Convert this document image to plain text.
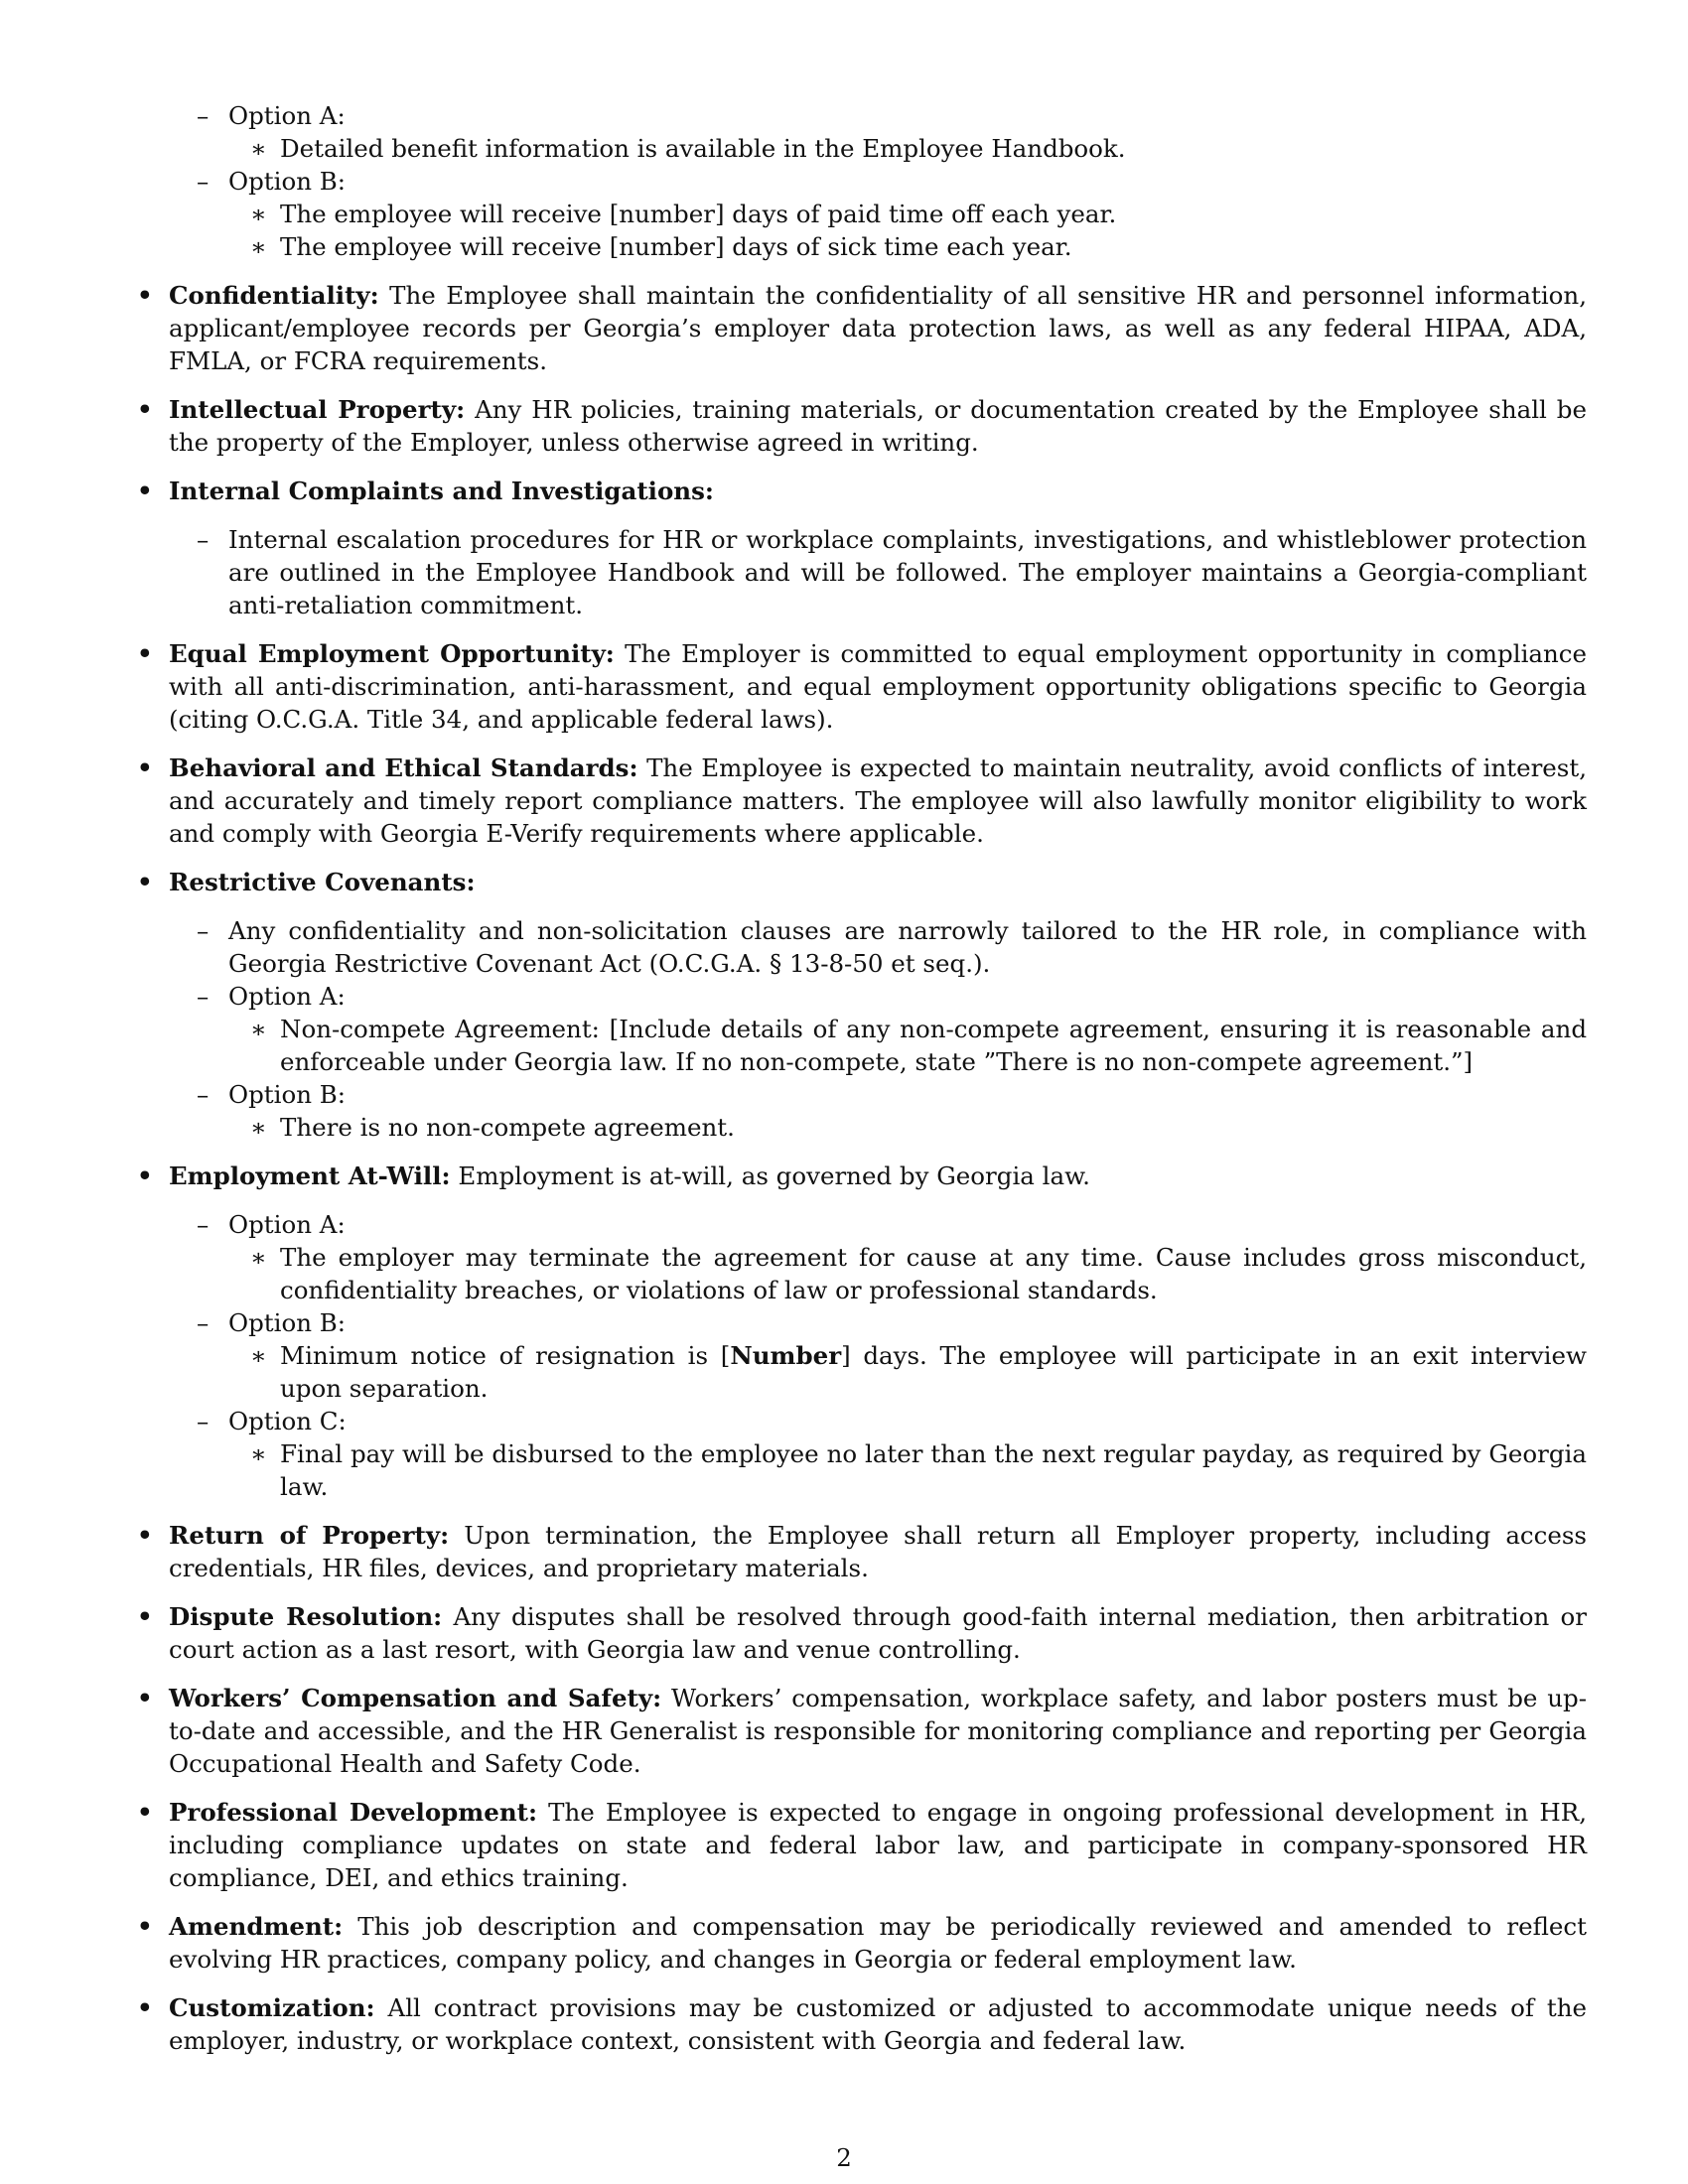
– Option A:
∗ Detailed benefit information is available in the Employee Handbook.
– Option B:
∗ The employee will receive [number] days of paid time off each year.
∗ The employee will receive [number] days of sick time each year.
• Confidentiality: The Employee shall maintain the confidentiality of all sensitive HR and personnel information, applicant/employee records per Georgia’s employer data protection laws, as well as any federal HIPAA, ADA, FMLA, or FCRA requirements.
• Intellectual Property: Any HR policies, training materials, or documentation created by the Employee shall be the property of the Employer, unless otherwise agreed in writing.
• Internal Complaints and Investigations:
– Internal escalation procedures for HR or workplace complaints, investigations, and whistleblower protection are outlined in the Employee Handbook and will be followed. The employer maintains a Georgia-compliant anti-retaliation commitment.
• Equal Employment Opportunity: The Employer is committed to equal employment opportunity in compliance with all anti-discrimination, anti-harassment, and equal employment opportunity obligations specific to Georgia (citing O.C.G.A. Title 34, and applicable federal laws).
• Behavioral and Ethical Standards: The Employee is expected to maintain neutrality, avoid conflicts of interest, and accurately and timely report compliance matters. The employee will also lawfully monitor eligibility to work and comply with Georgia E-Verify requirements where applicable.
• Restrictive Covenants:
– Any confidentiality and non-solicitation clauses are narrowly tailored to the HR role, in compliance with Georgia Restrictive Covenant Act (O.C.G.A. § 13-8-50 et seq.).
– Option A:
∗ Non-compete Agreement: [Include details of any non-compete agreement, ensuring it is reasonable and enforceable under Georgia law. If no non-compete, state ”There is no non-compete agreement.”]
– Option B:
∗ There is no non-compete agreement.
• Employment At-Will: Employment is at-will, as governed by Georgia law.
– Option A:
∗ The employer may terminate the agreement for cause at any time. Cause includes gross misconduct, confidentiality breaches, or violations of law or professional standards.
– Option B:
∗ Minimum notice of resignation is [Number] days. The employee will participate in an exit interview upon separation.
– Option C:
∗ Final pay will be disbursed to the employee no later than the next regular payday, as required by Georgia law.
• Return of Property: Upon termination, the Employee shall return all Employer property, including access credentials, HR files, devices, and proprietary materials.
• Dispute Resolution: Any disputes shall be resolved through good-faith internal mediation, then arbitration or court action as a last resort, with Georgia law and venue controlling.
• Workers’ Compensation and Safety: Workers’ compensation, workplace safety, and labor posters must be up-to-date and accessible, and the HR Generalist is responsible for monitoring compliance and reporting per Georgia Occupational Health and Safety Code.
• Professional Development: The Employee is expected to engage in ongoing professional development in HR, including compliance updates on state and federal labor law, and participate in company-sponsored HR compliance, DEI, and ethics training.
• Amendment: This job description and compensation may be periodically reviewed and amended to reflect evolving HR practices, company policy, and changes in Georgia or federal employment law.
• Customization: All contract provisions may be customized or adjusted to accommodate unique needs of the employer, industry, or workplace context, consistent with Georgia and federal law.
2
